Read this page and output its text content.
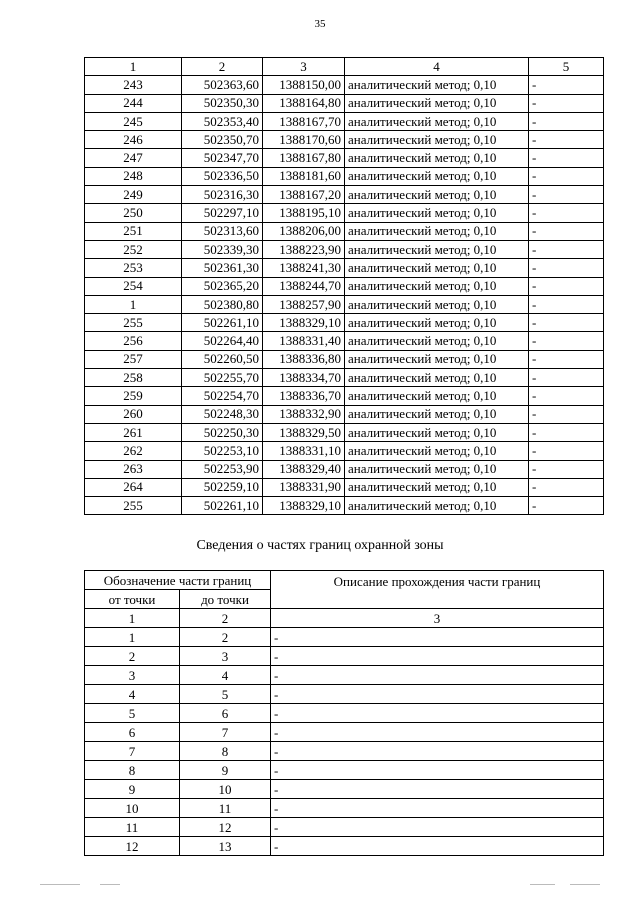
35
1	2	3	4	5
243	502363,60	1388150,00	аналитический метод; 0,10	-
244	502350,30	1388164,80	аналитический метод; 0,10	-
245	502353,40	1388167,70	аналитический метод; 0,10	-
246	502350,70	1388170,60	аналитический метод; 0,10	-
247	502347,70	1388167,80	аналитический метод; 0,10	-
248	502336,50	1388181,60	аналитический метод; 0,10	-
249	502316,30	1388167,20	аналитический метод; 0,10	-
250	502297,10	1388195,10	аналитический метод; 0,10	-
251	502313,60	1388206,00	аналитический метод; 0,10	-
252	502339,30	1388223,90	аналитический метод; 0,10	-
253	502361,30	1388241,30	аналитический метод; 0,10	-
254	502365,20	1388244,70	аналитический метод; 0,10	-
1	502380,80	1388257,90	аналитический метод; 0,10	-
255	502261,10	1388329,10	аналитический метод; 0,10	-
256	502264,40	1388331,40	аналитический метод; 0,10	-
257	502260,50	1388336,80	аналитический метод; 0,10	-
258	502255,70	1388334,70	аналитический метод; 0,10	-
259	502254,70	1388336,70	аналитический метод; 0,10	-
260	502248,30	1388332,90	аналитический метод; 0,10	-
261	502250,30	1388329,50	аналитический метод; 0,10	-
262	502253,10	1388331,10	аналитический метод; 0,10	-
263	502253,90	1388329,40	аналитический метод; 0,10	-
264	502259,10	1388331,90	аналитический метод; 0,10	-
255	502261,10	1388329,10	аналитический метод; 0,10	-
Сведения о частях границ охранной зоны
Обозначение части границ		Описание прохождения части границ
от точки	до точки	
1	2	3
1	2	-
2	3	-
3	4	-
4	5	-
5	6	-
6	7	-
7	8	-
8	9	-
9	10	-
10	11	-
11	12	-
12	13	-
